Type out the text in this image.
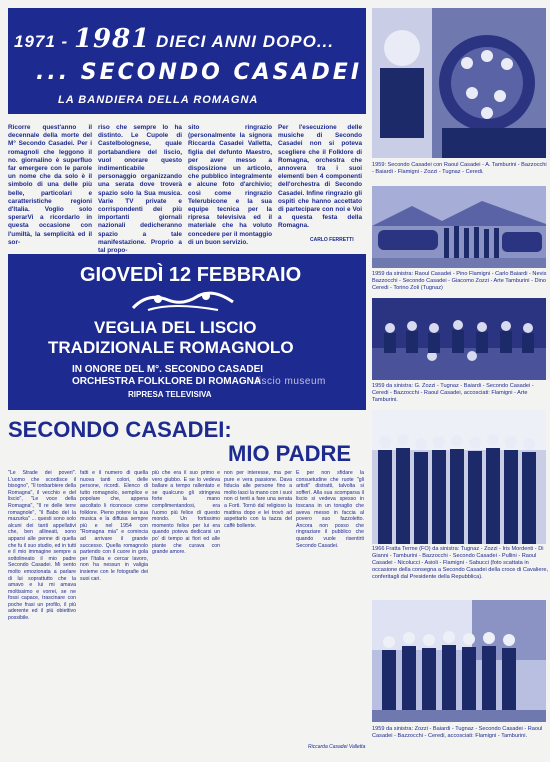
1971 - 1981 DIECI ANNI DOPO...
... SECONDO CASADEI
LA BANDIERA DELLA ROMAGNA
Ricorre quest'anno il decennale della morte del M° Secondo Casadei. Per i romagnoli che leggono il no. giornalino è superfluo far emergere con le parole un nome che da solo è il simbolo di una delle più belle, particolari e caratteristiche regioni d'Italia. Voglio solo sperarVi a ricordarlo in questa occasione con l'umiltà, la semplicità ed il sor-
riso che sempre lo ha distinto. Le Cupole di Castelbolognese, quale portabandiere del liscio, vuol onorare questo indimenticabile personaggio organizzando una serata dove troverà spazio solo la Sua musica. Varie TV private e corrispondenti dei più importanti giornali nazionali dedicheranno spazio a tale manifestazione. Proprio a tal propo-
sito ringrazio (personalmente la signora Riccarda Casadei Valletta, figlia del defunto Maestro, per aver messo a disposizione un articolo, che pubblico integralmente e alcune foto d'archivio; così come ringrazio Telerubicone e la sua equipe tecnica per la ripresa televisiva ed il materiale che ha voluto concedere per il montaggio di un buon servizio.
Per l'esecuzione delle musiche di Secondo Casadei non si poteva scegliere che il Folklore di Romagna, orchestra che annovera tra i suoi elementi ben 4 componenti dell'orchestra di Secondo Casadei. Infine ringrazio gli ospiti che hanno accettato di partecipare con noi e Voi a questa festa della Romagna.
CARLO FERRETTI
GIOVEDÌ 12 FEBBRAIO
VEGLIA DEL LISCIO
TRADIZIONALE ROMAGNOLO
IN ONORE DEL M°. SECONDO CASADEI
ORCHESTRA FOLKLORE DI ROMAGNA
RIPRESA TELEVISIVA
liscio museum
SECONDO CASADEI:
MIO PADRE
"Le Strade dei poveri". L'uomo che scordisce il bisogno", "Il tonbarbiere della Romagna", il vecchio e del liscio", "Le voce della Romagna", "Il re delle terre romagnole", "il Babo del la mazurka" ... questi sono solo alcuni dei tanti appellativi che, ben allineati, sono apparsi alle penne di quella che fu il suo studio, ed in tutti e il mio immagine sempre a sottolineato il mio padre Secondo Casadei. Mi sento molto emozionata a parlare di lui soprattutto che la amavo e lui mi amava moltissimo e vorrei, se ne fossi capace, trascinare con poche frasi un profilo, il più aderente ed il più obiettivo possibile.
fatti e il numero di quella nuova tanti colori, delle persone, ricordi. Elenco di tutto romagnolo, semplice e popolare che, appena ascoltato li riconosce come folklore. Pieno potere la sua musica e la diffusa sempre più e nel 1954 con "Romagna mia" e comincia ad arrivare il grande successo. Quella romagnolo partendo con il cuore in gola per l'Italia e cercar lavoro, non ha nessun in valigia insieme con le fotografie dei suoi cari.
più che era il suo primo e vero giubbo. E se lo vedeva ballare a tempo rallentato e se qualcuno gli stringeva forte la mano complimentandosi, era l'uomo più felice di questo mondo. Un fortissimo momento felice per lui era quando poteva dedicarsi un po' di tempo ai fiori ed alle piante che curava con grande amore.
non per interesse, ma per pure e vera passione. Dava fiducia alle persone fino a molto lasci la mano con i suoi non ci tenti a fare una serata a Forti. Tornò dal religioso la mattina dopo e lei trovò ad aspettarlo con la tazza del caffè bollente.
E per non sfidare la consuetudine che ruote "gli artisti" distratti, talvolta si sofferì. Alla sua scomparsa il liscio si vedeva spesso in toscana in un tonaglio che aveva messo in faccia al povero suo fazzoletto. Ancora non posso che ringraziare il pubblico che quando vuole risentirti Secondo Casadei.
Riccarda Casadei Valletta
1959: Secondo Casadei con Raoul Casadei - A. Tamburini - Bazzocchi - Baiardi - Flamigni - Zozzi - Tugnaz - Ceredi.
1959 da sinistra: Raoul Casadei - Pino Flamigni - Carlo Baiardi - Nevis Bazzocchi - Secondo Casadei - Giacomo Zozzi - Arte Tamburini - Dino Ceredi - Torino Zoli (Tugnaz)
1959 da sinistra: G. Zozzi - Tugnaz - Baiardi - Secondo Casadei - Ceredi - Bazzocchi - Raoul Casadei, accosciati: Flamigni - Arte Tamburini.
1966 Fratta Terme (FO) da sinistra: Tugnaz - Zozzi - Iris Mordenti - Di Gianni - Tamburini - Bazzocchi - Secondo Casadei - Pullini - Raoul Casadei - Nicolucci - Asioli - Flamigni - Sabucci (foto scattata in occasione della consegna a Secondo Casadei della croce di Cavaliere, conferitagli dal Presidente della Repubblica).
1959 da sinistra: Zozzi - Baiardi - Tugnaz - Secondo Casadei - Raoul Casadei - Bazzocchi - Ceredi, accosciati: Flamigni - Tamburini.
